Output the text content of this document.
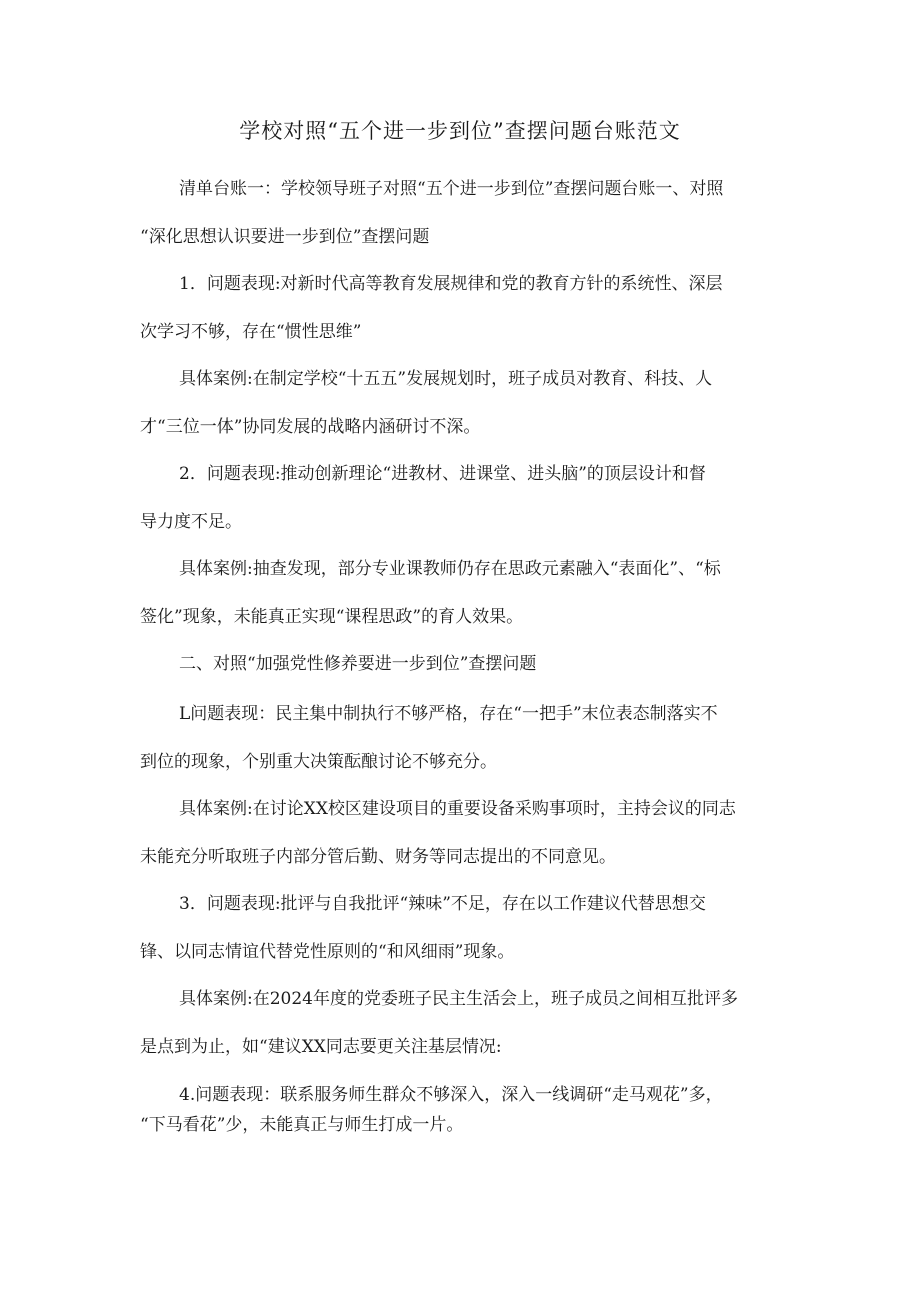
学校对照“五个进一步到位”查摆问题台账范文

清单台账一：学校领导班子对照“五个进一步到位”查摆问题台账一、对照
“深化思想认识要进一步到位”查摆问题

1．问题表现:对新时代高等教育发展规律和党的教育方针的系统性、深层
次学习不够，存在“惯性思维”

具体案例:在制定学校“十五五”发展规划时，班子成员对教育、科技、人
才“三位一体”协同发展的战略内涵研讨不深。

2．问题表现:推动创新理论“进教材、进课堂、进头脑”的顶层设计和督
导力度不足。

具体案例:抽查发现，部分专业课教师仍存在思政元素融入“表面化”、“标
签化”现象，未能真正实现“课程思政”的育人效果。

二、对照“加强党性修养要进一步到位”查摆问题

L问题表现：民主集中制执行不够严格，存在“一把手”末位表态制落实不
到位的现象，个别重大决策酝酿讨论不够充分。

具体案例:在讨论XX校区建设项目的重要设备采购事项时，主持会议的同志
未能充分听取班子内部分管后勤、财务等同志提出的不同意见。

3．问题表现:批评与自我批评“辣味”不足，存在以工作建议代替思想交
锋、以同志情谊代替党性原则的“和风细雨”现象。

具体案例:在2024年度的党委班子民主生活会上，班子成员之间相互批评多
是点到为止，如“建议XX同志要更关注基层情况:

4.问题表现：联系服务师生群众不够深入，深入一线调研“走马观花”多，
“下马看花”少，未能真正与师生打成一片。
